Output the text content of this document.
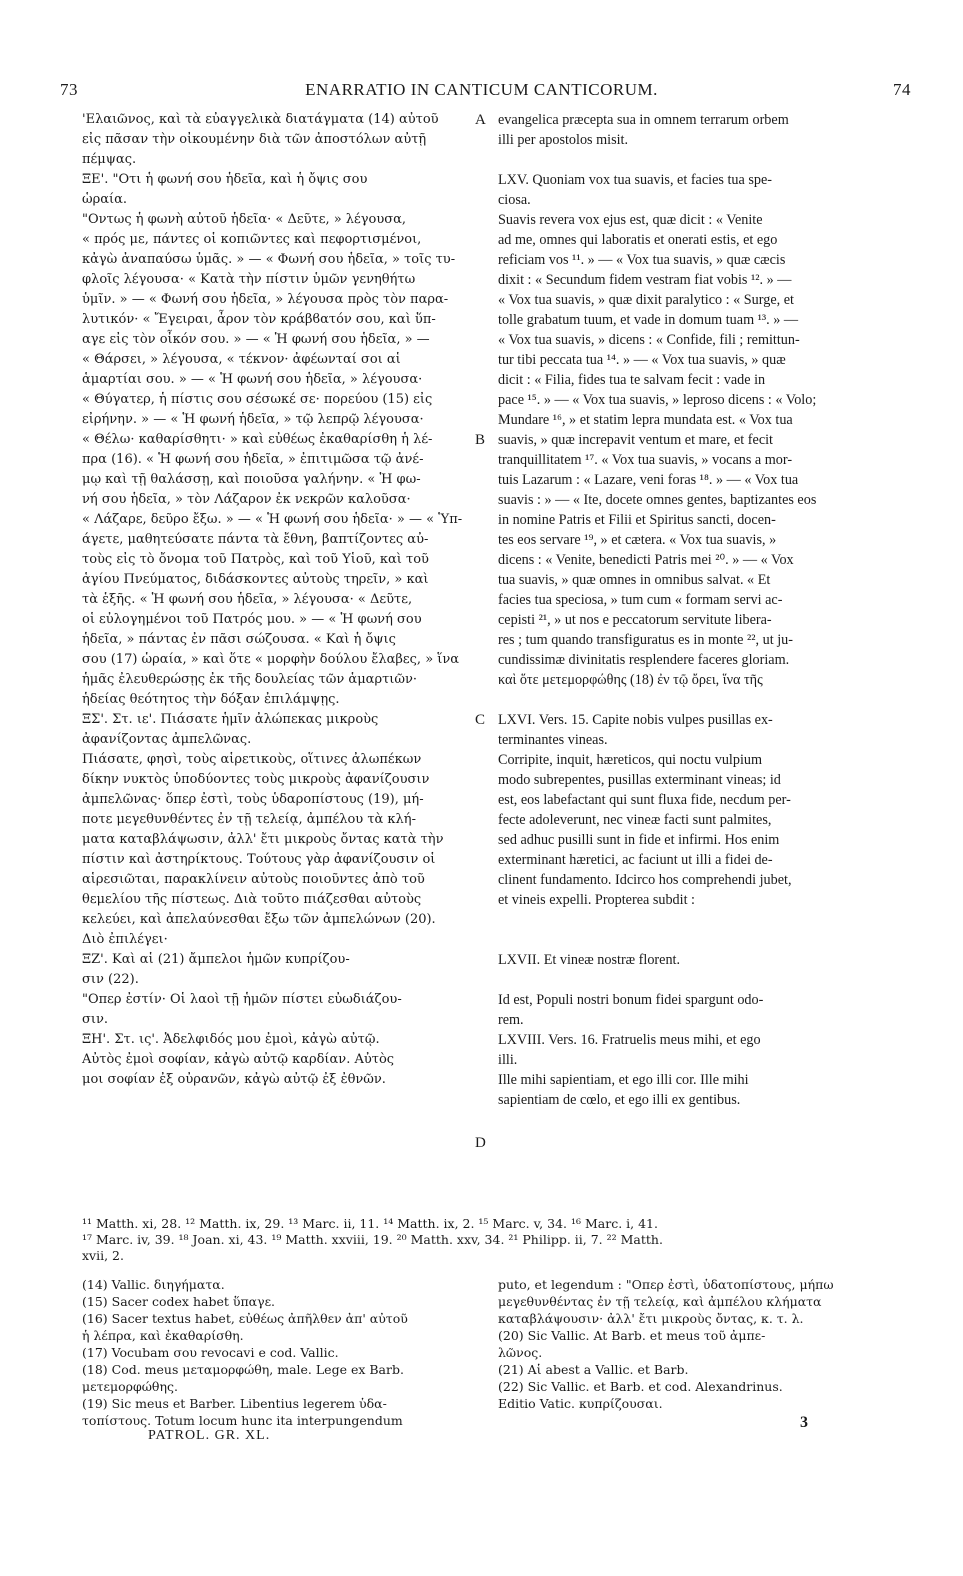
73	ENARRATIO IN CANTICUM CANTICORUM.	74
A
B
C
D

'Ελαιῶνος, καὶ τὰ εὐαγγελικὰ διατάγματα (14) αὐτοῦ

εἰς πᾶσαν τὴν οἰκουμένην διὰ τῶν ἀποστόλων αὐτῇ

πέμψας.

ΞΕ'. "Οτι ἡ φωνή σου ἡδεῖα, καὶ ἡ ὄψις σου

ὡραία.

"Οντως ἡ φωνὴ αὐτοῦ ἡδεῖα· « Δεῦτε, » λέγουσα,

« πρός με, πάντες οἱ κοπιῶντες καὶ πεφορτισμένοι,

κἀγὼ ἀναπαύσω ὑμᾶς. » — « Φωνή σου ἡδεῖα, » τοῖς τυ-

φλοῖς λέγουσα· « Κατὰ τὴν πίστιν ὑμῶν γενηθήτω

ὑμῖν. » — « Φωνή σου ἡδεῖα, » λέγουσα πρὸς τὸν παρα-

λυτικόν· « Ἔγειραι, ἆρον τὸν κράβϐατόν σου, καὶ ὕπ-

αγε εἰς τὸν οἶκόν σου. » — « Ἡ φωνή σου ἡδεῖα, » —

« Θάρσει, » λέγουσα, « τέκνον· ἀφέωνταί σοι αἱ

ἁμαρτίαι σου. » — « Ἡ φωνή σου ἡδεῖα, » λέγουσα·

« Θύγατερ, ἡ πίστις σου σέσωκέ σε· πορεύου (15) εἰς

εἰρήνην. » — « Ἡ φωνή ἡδεῖα, » τῷ λεπρῷ λέγουσα·

« Θέλω· καθαρίσθητι· » καὶ εὐθέως ἐκαθαρίσθη ἡ λέ-

πρα (16). « Ἡ φωνή σου ἡδεῖα, » ἐπιτιμῶσα τῷ ἀνέ-

μῳ καὶ τῇ θαλάσσῃ, καὶ ποιοῦσα γαλήνην. « Ἡ φω-

νή σου ἡδεῖα, » τὸν Λάζαρον ἐκ νεκρῶν καλοῦσα·

« Λάζαρε, δεῦρο ἔξω. » — « Ἡ φωνή σου ἡδεῖα· » — « Ὑπ-

άγετε, μαθητεύσατε πάντα τὰ ἔθνη, βαπτίζοντες αὐ-

τοὺς εἰς τὸ ὄνομα τοῦ Πατρὸς, καὶ τοῦ Υἱοῦ, καὶ τοῦ

ἁγίου Πνεύματος, διδάσκοντες αὐτοὺς τηρεῖν, » καὶ

τὰ ἑξῆς. « Ἡ φωνή σου ἡδεῖα, » λέγουσα· « Δεῦτε,

οἱ εὐλογημένοι τοῦ Πατρός μου. » — « Ἡ φωνή σου

ἡδεῖα, » πάντας ἐν πᾶσι σώζουσα. « Καὶ ἡ ὄψις

σου (17) ὡραία, » καὶ ὅτε « μορφὴν δούλου ἔλαβες, » ἵνα

ἡμᾶς ἐλευθερώσῃς ἐκ τῆς δουλείας τῶν ἁμαρτιῶν·

ἡδείας θεότητος τὴν δόξαν ἐπιλάμψῃς.

ΞΣ'. Στ. ιε'. Πιάσατε ἡμῖν ἀλώπεκας μικροὺς

ἀφανίζοντας ἀμπελῶνας.

Πιάσατε, φησὶ, τοὺς αἱρετικοὺς, οἵτινες ἀλωπέκων

δίκην νυκτὸς ὑποδύοντες τοὺς μικροὺς ἀφανίζουσιν

ἀμπελῶνας· ὅπερ ἐστὶ, τοὺς ὑδαροπίστους (19), μή-

ποτε μεγεθυνθέντες ἐν τῇ τελείᾳ, ἀμπέλου τὰ κλή-

ματα καταβλάψωσιν, ἀλλ' ἔτι μικροὺς ὄντας κατὰ τὴν

πίστιν καὶ ἀστηρίκτους. Τούτους γὰρ ἀφανίζουσιν οἱ

αἱρεσιῶται, παρακλίνειν αὐτοὺς ποιοῦντες ἀπὸ τοῦ

θεμελίου τῆς πίστεως. Διὰ τοῦτο πιάζεσθαι αὐτοὺς

κελεύει, καὶ ἀπελαύνεσθαι ἔξω τῶν ἀμπελώνων (20).

Διὸ ἐπιλέγει·

ΞΖ'. Καὶ αἱ (21) ἄμπελοι ἡμῶν κυπρίζου-

σιν (22).

"Οπερ ἐστίν· Οἱ λαοὶ τῇ ἡμῶν πίστει εὐωδιάζου-

σιν.

ΞΗ'. Στ. ις'. Ἀδελφιδός μου ἐμοὶ, κἀγὼ αὐτῷ.

Αὐτὸς ἐμοὶ σοφίαν, κἀγὼ αὐτῷ καρδίαν. Αὐτὸς

μοι σοφίαν ἐξ οὐρανῶν, κἀγὼ αὐτῷ ἐξ ἐθνῶν.

evangelica præcepta sua in omnem terrarum orbem

illi per apostolos misit.

LXV. Quoniam vox tua suavis, et facies tua spe-

ciosa.

Suavis revera vox ejus est, quæ dicit : « Venite

ad me, omnes qui laboratis et onerati estis, et ego

reficiam vos ¹¹. » — « Vox tua suavis, » quæ cæcis

dixit : « Secundum fidem vestram fiat vobis ¹². » —

« Vox tua suavis, » quæ dixit paralytico : « Surge, et

tolle grabatum tuum, et vade in domum tuam ¹³. » —

« Vox tua suavis, » dicens : « Confide, fili ; remittun-

tur tibi peccata tua ¹⁴. » — « Vox tua suavis, » quæ

dicit : « Filia, fides tua te salvam fecit : vade in

pace ¹⁵. » — « Vox tua suavis, » leproso dicens : « Volo;

Mundare ¹⁶, » et statim lepra mundata est. « Vox tua

suavis, » quæ increpavit ventum et mare, et fecit

tranquillitatem ¹⁷. « Vox tua suavis, » vocans a mor-

tuis Lazarum : « Lazare, veni foras ¹⁸. » — « Vox tua

suavis : » — « Ite, docete omnes gentes, baptizantes eos

in nomine Patris et Filii et Spiritus sancti, docen-

tes eos servare ¹⁹, » et cætera. « Vox tua suavis, »

dicens : « Venite, benedicti Patris mei ²⁰. » — « Vox

tua suavis, » quæ omnes in omnibus salvat. « Et

facies tua speciosa, » tum cum « formam servi ac-

cepisti ²¹, » ut nos e peccatorum servitute libera-

res ; tum quando transfiguratus es in monte ²², ut ju-

cundissimæ divinitatis resplendere faceres gloriam.

καὶ ὅτε μετεμορφώθης (18) ἐν τῷ ὄρει, ἵνα τῆς

LXVI. Vers. 15. Capite nobis vulpes pusillas ex-

terminantes vineas.

Corripite, inquit, hæreticos, qui noctu vulpium

modo subrepentes, pusillas exterminant vineas; id

est, eos labefactant qui sunt fluxa fide, necdum per-

fecte adoleverunt, nec vineæ facti sunt palmites,

sed adhuc pusilli sunt in fide et infirmi. Hos enim

exterminant hæretici, ac faciunt ut illi a fidei de-

clinent fundamento. Idcirco hos comprehendi jubet,

et vineis expelli. Propterea subdit :

LXVII. Et vineæ nostræ florent.

Id est, Populi nostri bonum fidei spargunt odo-

rem.

LXVIII. Vers. 16. Fratruelis meus mihi, et ego

illi.

Ille mihi sapientiam, et ego illi cor. Ille mihi

sapientiam de cœlo, et ego illi ex gentibus.

¹¹ Matth. xi, 28. ¹² Matth. ix, 29. ¹³ Marc. ii, 11. ¹⁴ Matth. ix, 2. ¹⁵ Marc. v, 34. ¹⁶ Marc. i, 41.
¹⁷ Marc. iv, 39. ¹⁸ Joan. xi, 43. ¹⁹ Matth. xxviii, 19. ²⁰ Matth. xxv, 34. ²¹ Philipp. ii, 7. ²² Matth.
xvii, 2.

(14) Vallic. διηγήματα.

(15) Sacer codex habet ὕπαγε.

(16) Sacer textus habet, εὐθέως ἀπῆλθεν ἀπ' αὐτοῦ

ἡ λέπρα, καὶ ἐκαθαρίσθη.

(17) Vocubam σου revocavi e cod. Vallic.

(18) Cod. meus μεταμορφώθη, male. Lege ex Barb.

μετεμορφώθης.

(19) Sic meus et Barber. Libentius legerem ὑδα-

τοπίστους. Totum locum hunc ita interpungendum

puto, et legendum : "Οπερ ἐστὶ, ὑδατοπίστους, μήπω

μεγεθυνθέντας ἐν τῇ τελείᾳ, καὶ ἀμπέλου κλήματα

καταβλάψουσιν· ἀλλ' ἔτι μικροὺς ὄντας, κ. τ. λ.

(20) Sic Vallic. At Barb. et meus τοῦ ἀμπε-

λῶνος.

(21) Αἱ abest a Vallic. et Barb.

(22) Sic Vallic. et Barb. et cod. Alexandrinus.

Editio Vatic. κυπρίζουσαι.

PATROL. GR. XL.
3
